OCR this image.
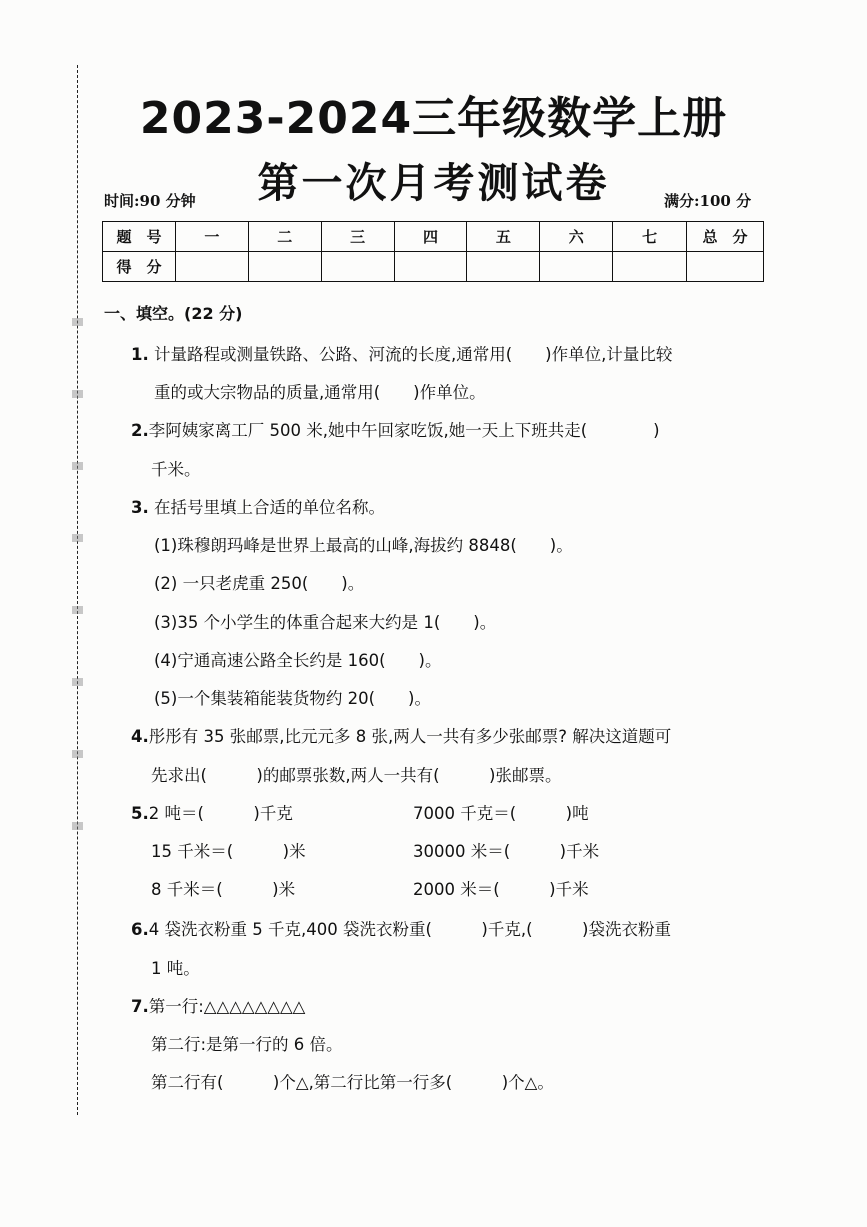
2023-2024三年级数学上册
第一次月考测试卷
时间:90 分钟	满分:100 分
题　号	一	二	三	四	五	六	七	总　分
得　分								
一、填空。(22 分)
1. 计量路程或测量铁路、公路、河流的长度,通常用(　　)作单位,计量比较
重的或大宗物品的质量,通常用(　　)作单位。
2.李阿姨家离工厂 500 米,她中午回家吃饭,她一天上下班共走(　　　　)
千米。
3. 在括号里填上合适的单位名称。
(1)珠穆朗玛峰是世界上最高的山峰,海拔约 8848(　　)。
(2) 一只老虎重 250(　　)。
(3)35 个小学生的体重合起来大约是 1(　　)。
(4)宁通高速公路全长约是 160(　　)。
(5)一个集装箱能装货物约 20(　　)。
4.彤彤有 35 张邮票,比元元多 8 张,两人一共有多少张邮票? 解决这道题可
先求出(　　　)的邮票张数,两人一共有(　　　)张邮票。
5.2 吨＝(　　　)千克	7000 千克＝(　　　)吨
15 千米＝(　　　)米	30000 米＝(　　　)千米
8 千米＝(　　　)米	2000 米＝(　　　)千米
6.4 袋洗衣粉重 5 千克,400 袋洗衣粉重(　　　)千克,(　　　)袋洗衣粉重
1 吨。
7.第一行:△△△△△△△△
第二行:是第一行的 6 倍。
第二行有(　　　)个△,第二行比第一行多(　　　)个△。
